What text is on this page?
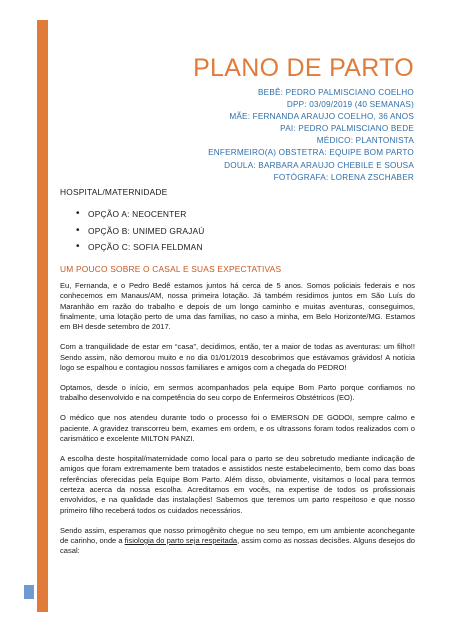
PLANO DE PARTO
BEBÊ: PEDRO PALMISCIANO COELHO
DPP: 03/09/2019 (40 SEMANAS)
MÃE: FERNANDA ARAUJO COELHO, 36 ANOS
PAI: PEDRO PALMISCIANO BEDE
MÉDICO: PLANTONISTA
ENFERMEIRO(A) OBSTETRA: EQUIPE BOM PARTO
DOULA: BARBARA ARAUJO CHEBILE E SOUSA
FOTÓGRAFA: LORENA ZSCHABER
HOSPITAL/MATERNIDADE
• OPÇÃO A: NEOCENTER
• OPÇÃO B: UNIMED GRAJAÚ
• OPÇÃO C: SOFIA FELDMAN
UM POUCO SOBRE O CASAL E SUAS EXPECTATIVAS

Eu, Fernanda, e o Pedro Bedê estamos juntos há cerca de 5 anos. Somos policiais federais e nos conhecemos em Manaus/AM, nossa primeira lotação. Já também residimos juntos em São Luís do Maranhão em razão do trabalho e depois de um longo caminho e muitas aventuras, conseguimos, finalmente, uma lotação perto de uma das famílias, no caso a minha, em Belo Horizonte/MG. Estamos em BH desde setembro de 2017.

Com a tranquilidade de estar em “casa”, decidimos, então, ter a maior de todas as aventuras: um filho!! Sendo assim, não demorou muito e no dia 01/01/2019 descobrimos que estávamos grávidos! A notícia logo se espalhou e contagiou nossos familiares e amigos com a chegada do PEDRO!

Optamos, desde o início, em sermos acompanhados pela equipe Bom Parto porque confiamos no trabalho desenvolvido e na competência do seu corpo de Enfermeiros Obstétricos (EO).

O médico que nos atendeu durante todo o processo foi o EMERSON DE GODOI, sempre calmo e paciente. A gravidez transcorreu bem, exames em ordem, e os ultrassons foram todos realizados com o carismático e excelente MILTON PANZI.

A escolha deste hospital/maternidade como local para o parto se deu sobretudo mediante indicação de amigos que foram extremamente bem tratados e assistidos neste estabelecimento, bem como das boas referências oferecidas pela Equipe Bom Parto. Além disso, obviamente, visitamos o local para termos certeza acerca da nossa escolha. Acreditamos em vocês, na expertise de todos os profissionais envolvidos, e na qualidade das instalações! Sabemos que teremos um parto respeitoso e que nosso primeiro filho receberá todos os cuidados necessários.

Sendo assim, esperamos que nosso primogênito chegue no seu tempo, em um ambiente aconchegante de carinho, onde a fisiologia do parto seja respeitada, assim como as nossas decisões. Alguns desejos do casal:
